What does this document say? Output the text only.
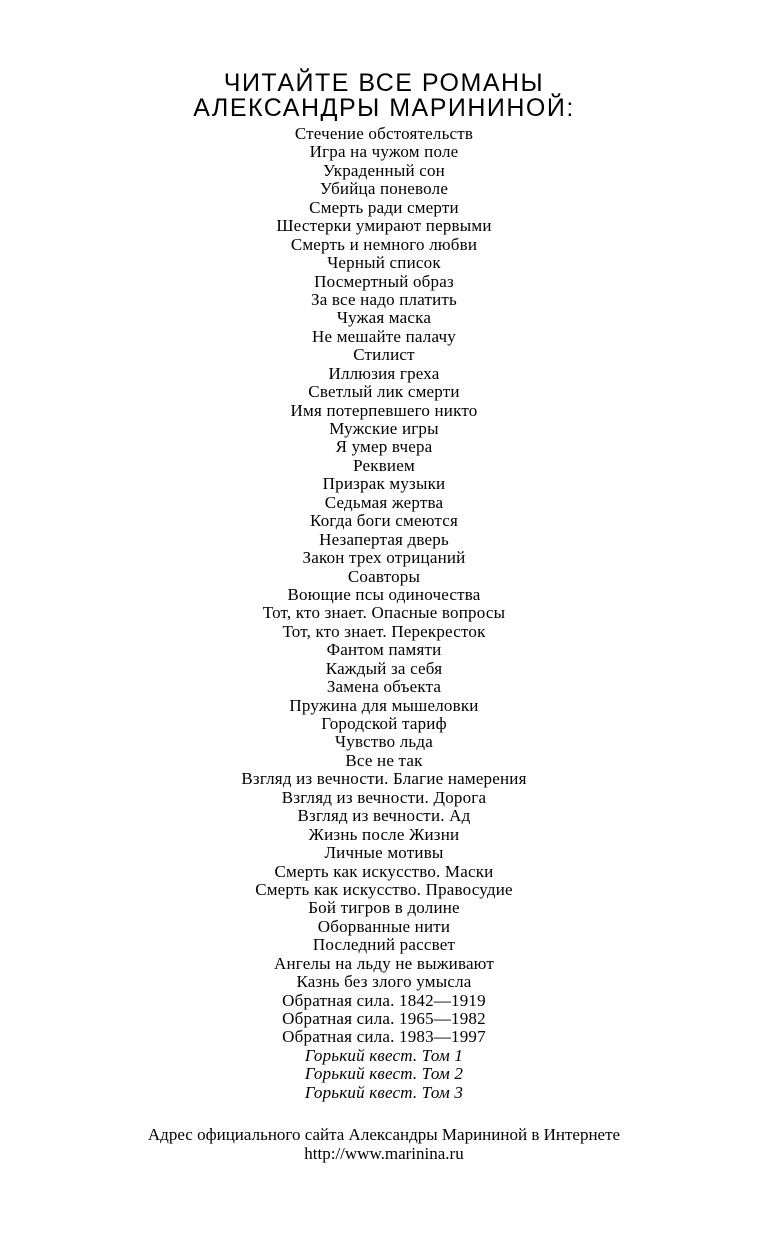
ЧИТАЙТЕ ВСЕ РОМАНЫ
АЛЕКСАНДРЫ МАРИНИНОЙ:
Стечение обстоятельств
Игра на чужом поле
Украденный сон
Убийца поневоле
Смерть ради смерти
Шестерки умирают первыми
Смерть и немного любви
Черный список
Посмертный образ
За все надо платить
Чужая маска
Не мешайте палачу
Стилист
Иллюзия греха
Светлый лик смерти
Имя потерпевшего никто
Мужские игры
Я умер вчера
Реквием
Призрак музыки
Седьмая жертва
Когда боги смеются
Незапертая дверь
Закон трех отрицаний
Соавторы
Воющие псы одиночества
Тот, кто знает. Опасные вопросы
Тот, кто знает. Перекресток
Фантом памяти
Каждый за себя
Замена объекта
Пружина для мышеловки
Городской тариф
Чувство льда
Все не так
Взгляд из вечности. Благие намерения
Взгляд из вечности. Дорога
Взгляд из вечности. Ад
Жизнь после Жизни
Личные мотивы
Смерть как искусство. Маски
Смерть как искусство. Правосудие
Бой тигров в долине
Оборванные нити
Последний рассвет
Ангелы на льду не выживают
Казнь без злого умысла
Обратная сила. 1842—1919
Обратная сила. 1965—1982
Обратная сила. 1983—1997
Горький квест. Том 1
Горький квест. Том 2
Горький квест. Том 3
Адрес официального сайта Александры Марининой в Интернете
http://www.marinina.ru
